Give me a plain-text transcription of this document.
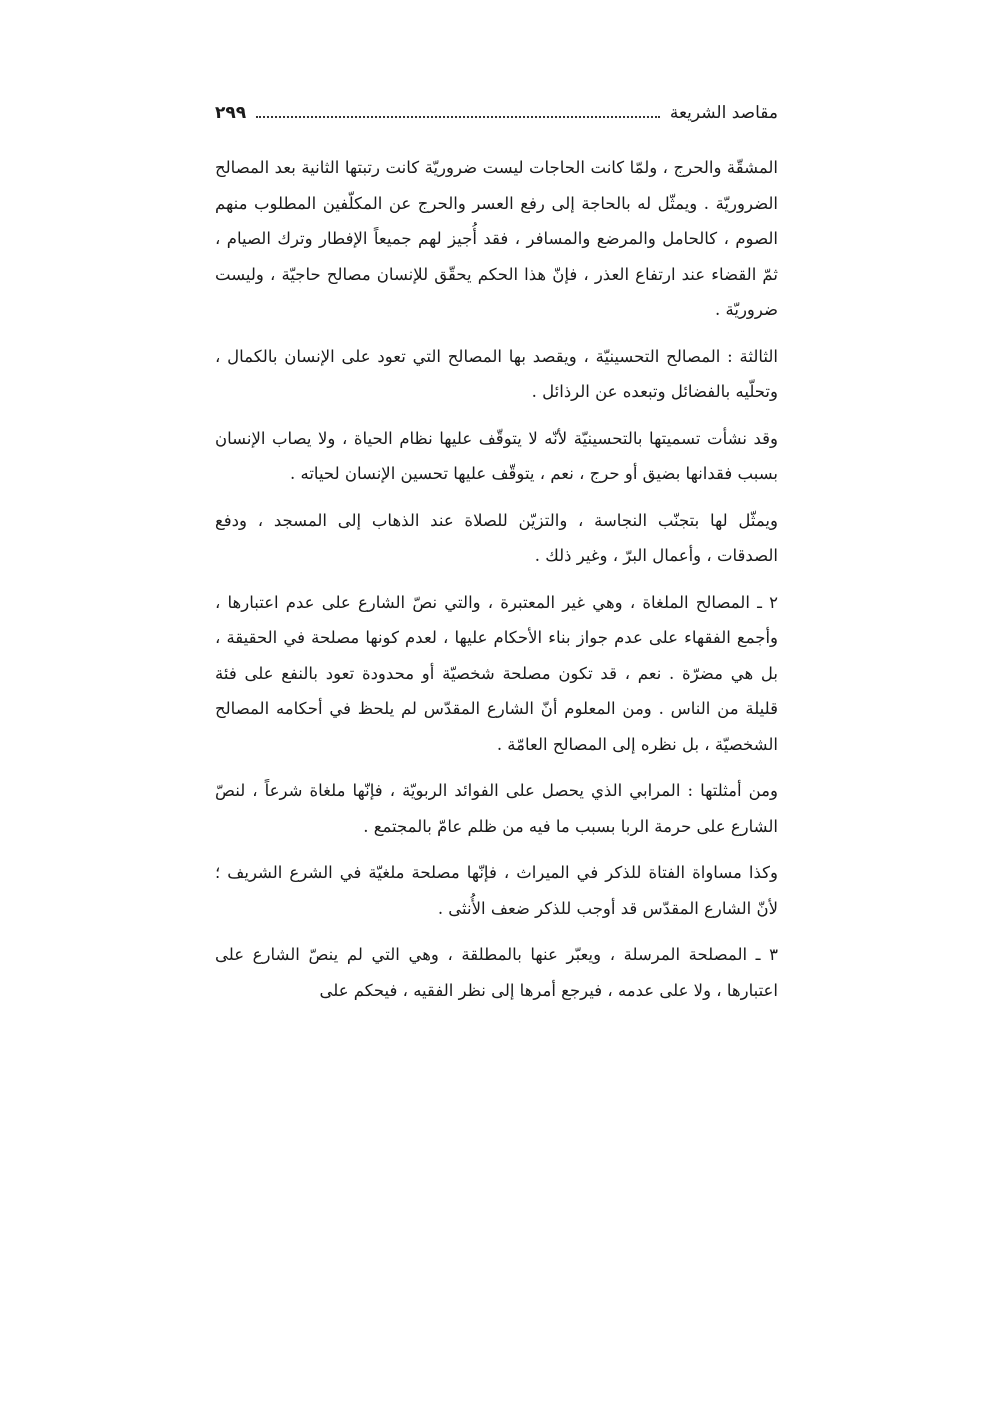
مقاصد الشريعة
٢٩٩

المشقّة والحرج ، ولمّا كانت الحاجات ليست ضروريّة كانت رتبتها الثانية بعد المصالح الضروريّة . ويمثّل له بالحاجة إلى رفع العسر والحرج عن المكلّفين المطلوب منهم الصوم ، كالحامل والمرضع والمسافر ، فقد أُجيز لهم جميعاً الإفطار وترك الصيام ، ثمّ القضاء عند ارتفاع العذر ، فإنّ هذا الحكم يحقّق للإنسان مصالح حاجيّة ، وليست ضروريّة .

الثالثة : المصالح التحسينيّة ، ويقصد بها المصالح التي تعود على الإنسان بالكمال ، وتحلّيه بالفضائل وتبعده عن الرذائل .

وقد نشأت تسميتها بالتحسينيّة لأنّه لا يتوقّف عليها نظام الحياة ، ولا يصاب الإنسان بسبب فقدانها بضيق أو حرج ، نعم ، يتوقّف عليها تحسين الإنسان لحياته .

ويمثّل لها بتجنّب النجاسة ، والتزيّن للصلاة عند الذهاب إلى المسجد ، ودفع الصدقات ، وأعمال البرّ ، وغير ذلك .

٢ ـ المصالح الملغاة ، وهي غير المعتبرة ، والتي نصّ الشارع على عدم اعتبارها ، وأجمع الفقهاء على عدم جواز بناء الأحكام عليها ، لعدم كونها مصلحة في الحقيقة ، بل هي مضرّة . نعم ، قد تكون مصلحة شخصيّة أو محدودة تعود بالنفع على فئة قليلة من الناس . ومن المعلوم أنّ الشارع المقدّس لم يلحظ في أحكامه المصالح الشخصيّة ، بل نظره إلى المصالح العامّة .

ومن أمثلتها : المرابي الذي يحصل على الفوائد الربويّة ، فإنّها ملغاة شرعاً ، لنصّ الشارع على حرمة الربا بسبب ما فيه من ظلم عامّ بالمجتمع .

وكذا مساواة الفتاة للذكر في الميراث ، فإنّها مصلحة ملغيّة في الشرع الشريف ؛ لأنّ الشارع المقدّس قد أوجب للذكر ضعف الأُنثى .

٣ ـ المصلحة المرسلة ، ويعبّر عنها بالمطلقة ، وهي التي لم ينصّ الشارع على اعتبارها ، ولا على عدمه ، فيرجع أمرها إلى نظر الفقيه ، فيحكم على
